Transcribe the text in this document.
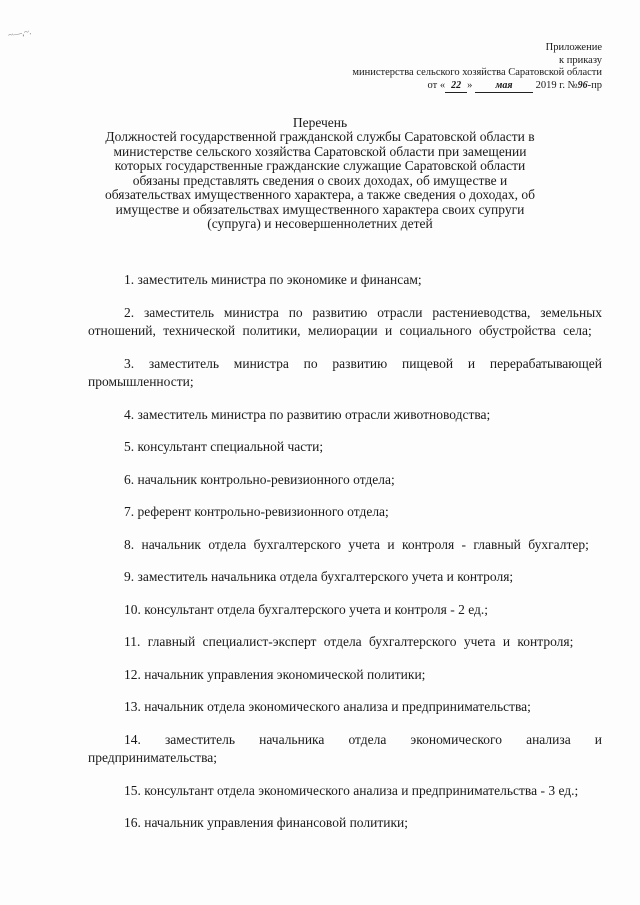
~—,~.
Приложение
к приказу
министерства сельского хозяйства Саратовской области
от « 22 » мая 2019 г. №96-пр
Перечень
Должностей государственной гражданской службы Саратовской области в министерстве сельского хозяйства Саратовской области при замещении которых государственные гражданские служащие Саратовской области обязаны представлять сведения о своих доходах, об имуществе и обязательствах имущественного характера, а также сведения о доходах, об имуществе и обязательствах имущественного характера своих супруги (супруга) и несовершеннолетних детей
1. заместитель министра по экономике и финансам;
2. заместитель министра по развитию отрасли растениеводства, земельных отношений, технической политики, мелиорации и социального обустройства села;
3. заместитель министра по развитию пищевой и перерабатывающей промышленности;
4. заместитель министра по развитию отрасли животноводства;
5. консультант специальной части;
6. начальник контрольно-ревизионного отдела;
7. референт контрольно-ревизионного отдела;
8. начальник отдела бухгалтерского учета и контроля - главный бухгалтер;
9. заместитель начальника отдела бухгалтерского учета и контроля;
10. консультант отдела бухгалтерского учета и контроля - 2 ед.;
11. главный специалист-эксперт отдела бухгалтерского учета и контроля;
12. начальник управления экономической политики;
13. начальник отдела экономического анализа и предпринимательства;
14. заместитель начальника отдела экономического анализа и предпринимательства;
15. консультант отдела экономического анализа и предпринимательства - 3 ед.;
16. начальник управления финансовой политики;
